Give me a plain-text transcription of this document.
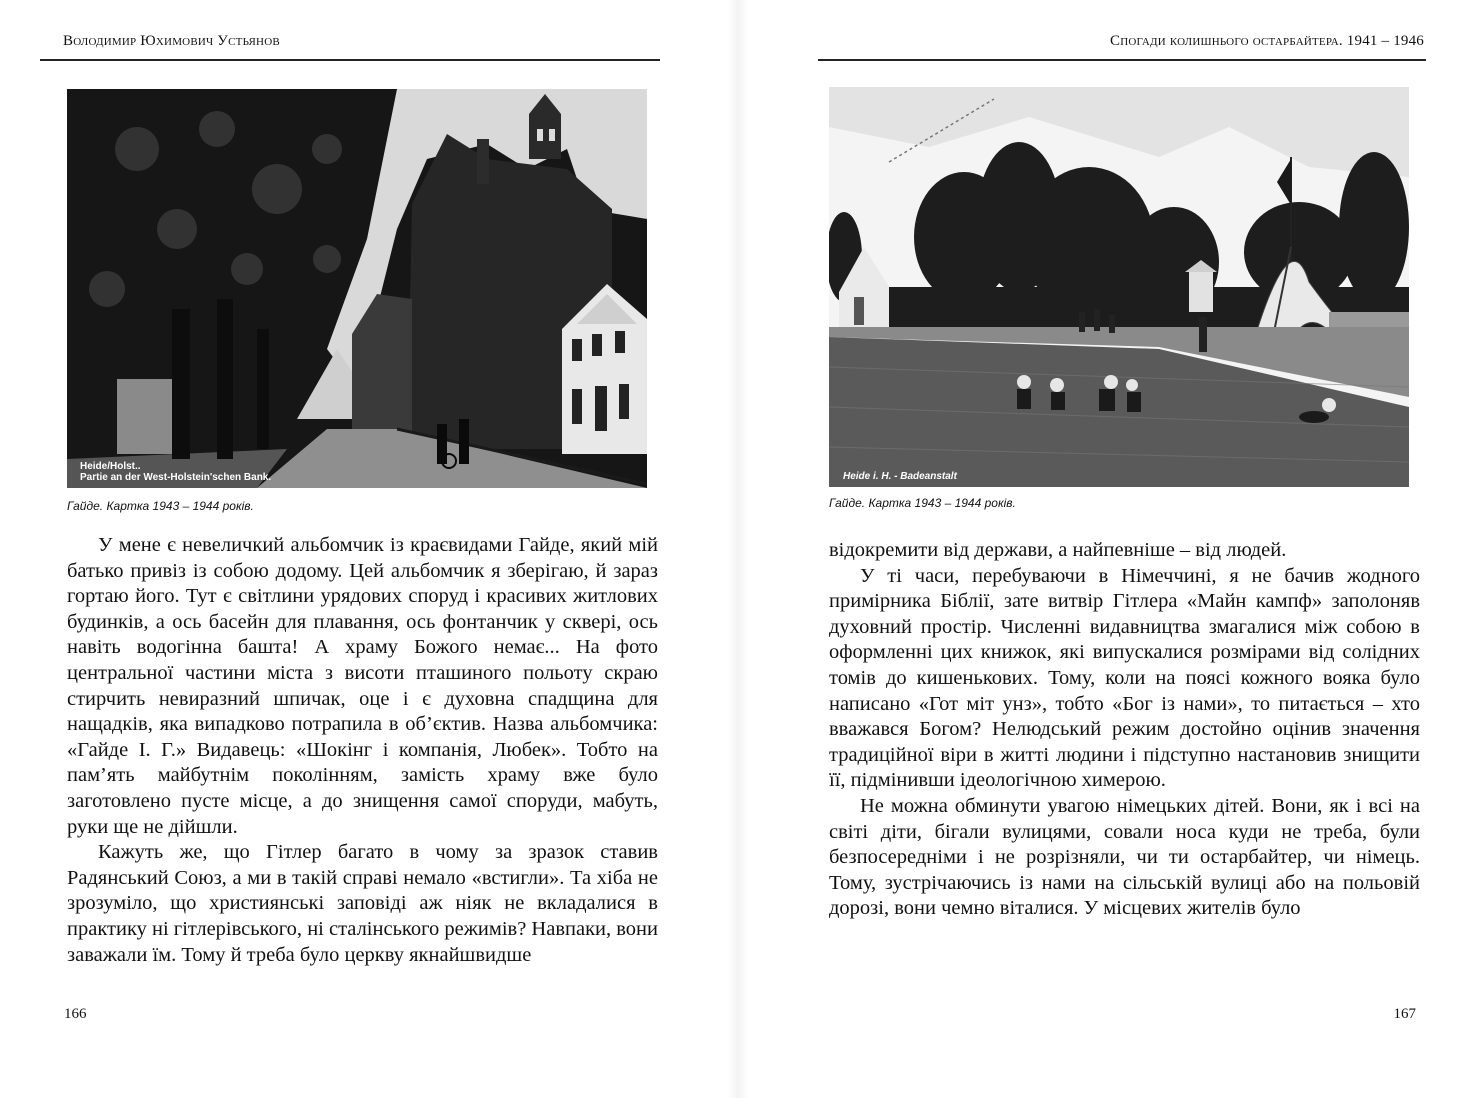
Володимир Юхимович Устьянов
Heide/Holst..
Partie an der West-Holstein'schen Bank.
Гайде. Картка 1943 – 1944 років.

У мене є невеличкий альбомчик із краєвидами Гайде, який мій батько привіз із собою додому. Цей альбомчик я зберігаю, й зараз гортаю його. Тут є світлини урядових споруд і красивих житлових будинків, а ось басейн для плавання, ось фонтанчик у сквері, ось навіть водогінна башта! А храму Божого немає... На фото центральної частини міста з висоти пташиного польоту скраю стирчить невиразний шпичак, оце і є духовна спадщина для нащадків, яка випадково потрапила в об’єктив. Назва альбомчика: «Гайде І. Г.» Видавець: «Шокінг і компанія, Любек». Тобто на пам’ять майбутнім поколінням, замість храму вже було заготовлено пусте місце, а до знищення самої споруди, мабуть, руки ще не дійшли.

Кажуть же, що Гітлер багато в чому за зразок ставив Радянський Союз, а ми в такій справі немало «встигли». Та хіба не зрозуміло, що християнські заповіді аж ніяк не вкладалися в практику ні гітлерівського, ні сталінського режимів? Навпаки, вони заважали їм. Тому й треба було церкву якнайшвидше

166
Спогади колишнього остарбайтера. 1941 – 1946
Heide i. H. - Badeanstalt
Гайде. Картка 1943 – 1944 років.

відокремити від держави, а найпевніше – від людей.

У ті часи, перебуваючи в Німеччині, я не бачив жодного примірника Біблії, зате витвір Гітлера «Майн кампф» заполоняв духовний простір. Численні видавництва змагалися між собою в оформленні цих книжок, які випускалися розмірами від солідних томів до кишенькових. Тому, коли на поясі кожного вояка було написано «Гот міт унз», тобто «Бог із нами», то питається – хто вважався Богом? Нелюдський режим достойно оцінив значення традиційної віри в житті людини і підступно настановив знищити її, підмінивши ідеологічною химерою.

Не можна обминути увагою німецьких дітей. Вони, як і всі на світі діти, бігали вулицями, совали носа куди не треба, були безпосередніми і не розрізняли, чи ти остарбайтер, чи німець. Тому, зустрічаючись із нами на сільській вулиці або на польовій дорозі, вони чемно віталися. У місцевих жителів було

167
